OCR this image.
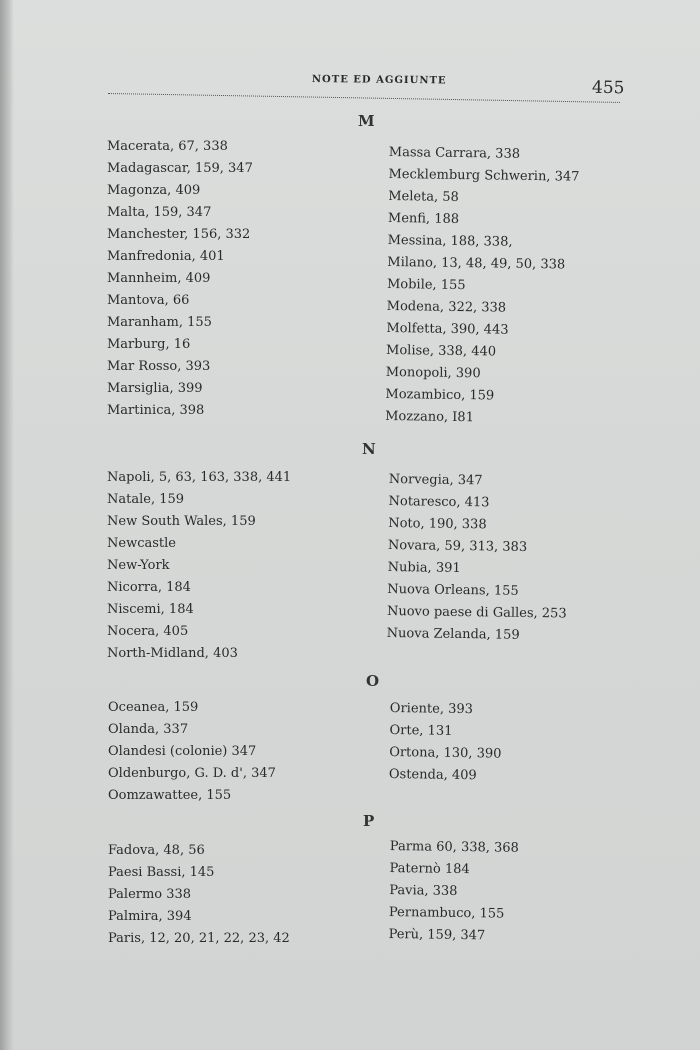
NOTE ED AGGIUNTE	455
M
Macerata, 67, 338
Madagascar, 159, 347
Magonza, 409
Malta, 159, 347
Manchester, 156, 332
Manfredonia, 401
Mannheim, 409
Mantova, 66
Maranham, 155
Marburg, 16
Mar Rosso, 393
Marsiglia, 399
Martinica, 398
Massa Carrara, 338
Mecklemburg Schwerin, 347
Meleta, 58
Menfi, 188
Messina, 188, 338,
Milano, 13, 48, 49, 50, 338
Mobile, 155
Modena, 322, 338
Molfetta, 390, 443
Molise, 338, 440
Monopoli, 390
Mozambico, 159
Mozzano, I81
N
Napoli, 5, 63, 163, 338, 441
Natale, 159
New South Wales, 159
Newcastle
New-York
Nicorra, 184
Niscemi, 184
Nocera, 405
North-Midland, 403
Norvegia, 347
Notaresco, 413
Noto, 190, 338
Novara, 59, 313, 383
Nubia, 391
Nuova Orleans, 155
Nuovo paese di Galles, 253
Nuova Zelanda, 159
O
Oceanea, 159
Olanda, 337
Olandesi (colonie) 347
Oldenburgo, G. D. d', 347
Oomzawattee, 155
Oriente, 393
Orte, 131
Ortona, 130, 390
Ostenda, 409
P
Fadova, 48, 56
Paesi Bassi, 145
Palermo 338
Palmira, 394
Paris, 12, 20, 21, 22, 23, 42
Parma 60, 338, 368
Paternò 184
Pavia, 338
Pernambuco, 155
Perù, 159, 347
